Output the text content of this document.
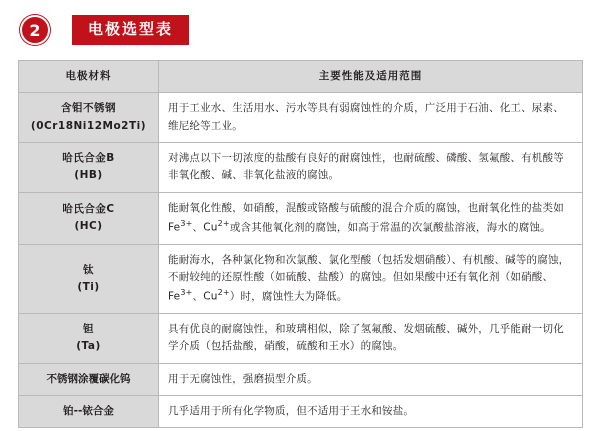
2	电极选型表
电极材料	主要性能及适用范围

含钼不锈钢
(0Cr18Ni12Mo2Ti)	用于工业水、生活用水、污水等具有弱腐蚀性的介质，广泛用于石油、化工、尿素、维尼纶等工业。

哈氏合金B
(HB)	对沸点以下一切浓度的盐酸有良好的耐腐蚀性，也耐硫酸、磷酸、氢氟酸、有机酸等非氧化酸、碱、非氧化盐液的腐蚀。

哈氏合金C
(HC)	能耐氧化性酸，如硝酸，混酸或铬酸与硫酸的混合介质的腐蚀，也耐氧化性的盐类如$Fe^{3+}$、$Cu^{2+}$或含其他氧化剂的腐蚀，如高于常温的次氯酸盐溶液，海水的腐蚀。

钛
(Ti)	能耐海水，各种氯化物和次氯酸、氯化型酸（包括发烟硝酸）、有机酸、碱等的腐蚀，不耐较纯的还原性酸（如硫酸、盐酸）的腐蚀。但如果酸中还有氧化剂（如硝酸、$Fe^{3+}$、$Cu^{2+}$）时，腐蚀性大为降低。

钽
(Ta)	具有优良的耐腐蚀性，和玻璃相似，除了氢氟酸、发烟硫酸、碱外，几乎能耐一切化学介质（包括盐酸，硝酸，硫酸和王水）的腐蚀。

不锈钢涂覆碳化钨	用于无腐蚀性，强磨损型介质。

铂--铱合金	几乎适用于所有化学物质，但不适用于王水和铵盐。
